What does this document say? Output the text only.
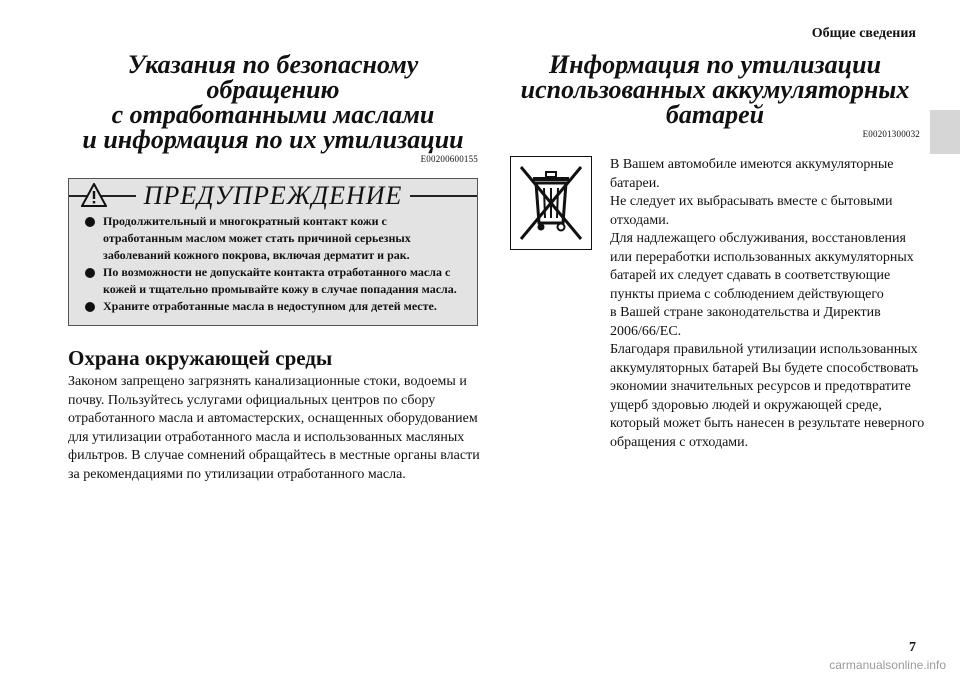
Общие сведения
Указания по безопасному обращению
с отработанными маслами
и информация по их утилизации
E00200600155
ПРЕДУПРЕЖДЕНИЕ
Продолжительный и многократный контакт кожи с отработанным маслом может стать причиной серьезных заболеваний кожного покрова, включая дерматит и рак.
По возможности не допускайте контакта отработанного масла с кожей и тщательно промывайте кожу в случае попадания масла.
Храните отработанные масла в недоступном для детей месте.
Охрана окружающей среды

Законом запрещено загрязнять канализационные стоки, водоемы и почву. Пользуйтесь услугами официальных центров по сбору отработанного масла и автомастерских, оснащенных оборудованием для утилизации отработанного масла и использованных масляных фильтров. В случае сомнений обращайтесь в местные органы власти за рекомендациями по утилизации отработанного масла.

Информация по утилизации
использованных аккумуляторных
батарей
E00201300032

В Вашем автомобиле имеются аккумуляторные
батареи.
Не следует их выбрасывать вместе с бытовыми
отходами.
Для надлежащего обслуживания, восстановления
или переработки использованных аккумуляторных
батарей их следует сдавать в соответствующие
пункты приема с соблюдением действующего
в Вашей стране законодательства и Директив
2006/66/EC.
Благодаря правильной утилизации использованных
аккумуляторных батарей Вы будете способствовать
экономии значительных ресурсов и предотвратите
ущерб здоровью людей и окружающей среде,
который может быть нанесен в результате неверного
обращения с отходами.

7
carmanualsonline.info
